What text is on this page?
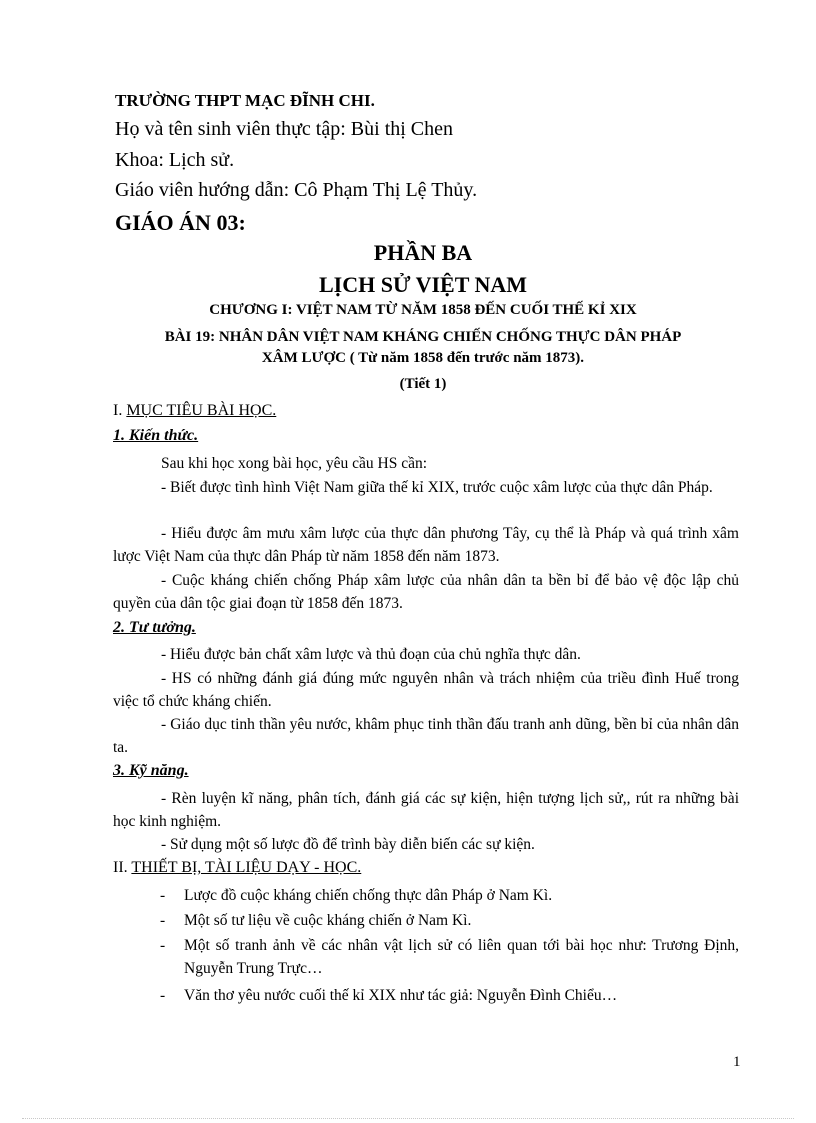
TRƯỜNG THPT MẠC ĐĨNH CHI.
Họ và tên sinh viên thực tập: Bùi thị Chen
Khoa: Lịch sử.
Giáo viên hướng dẫn: Cô Phạm Thị Lệ Thủy.
GIÁO ÁN 03:
PHẦN BA
LỊCH SỬ VIỆT NAM
CHƯƠNG I: VIỆT NAM TỪ NĂM 1858 ĐẾN CUỐI THẾ KỈ XIX
BÀI 19: NHÂN DÂN VIỆT NAM KHÁNG CHIẾN CHỐNG THỰC DÂN PHÁP
XÂM LƯỢC ( Từ năm 1858 đến trước năm 1873).
(Tiết 1)
I. MỤC TIÊU BÀI HỌC.
1. Kiến thức.
Sau khi học xong bài học, yêu cầu HS cần:
- Biết được tình hình Việt Nam giữa thế kỉ XIX, trước cuộc xâm lược của thực dân Pháp.
- Hiểu được âm mưu xâm lược của thực dân phương Tây, cụ thể là Pháp và quá trình xâm lược Việt Nam của thực dân Pháp từ năm 1858 đến năm 1873.
- Cuộc kháng chiến chống Pháp xâm lược của nhân dân ta bền bỉ để bảo vệ độc lập chủ quyền của dân tộc giai đoạn từ 1858 đến 1873.
2. Tư tưởng.
- Hiểu được bản chất xâm lược và thủ đoạn của chủ nghĩa thực dân.
- HS có những đánh giá đúng mức nguyên nhân và trách nhiệm của triều đình Huế trong việc tổ chức kháng chiến.
- Giáo dục tinh thần yêu nước, khâm phục tinh thần đấu tranh anh dũng, bền bỉ của nhân dân ta.
3. Kỹ năng.
- Rèn luyện kĩ năng, phân tích, đánh giá các sự kiện, hiện tượng lịch sử,, rút ra những bài học kinh nghiệm.
- Sử dụng một số lược đồ để trình bày diễn biến các sự kiện.
II. THIẾT BỊ, TÀI LIỆU DẠY - HỌC.
- Lược đồ cuộc kháng chiến chống thực dân Pháp ở Nam Kì.
- Một số tư liệu về cuộc kháng chiến ở Nam Kì.
- Một số tranh ảnh về các nhân vật lịch sử có liên quan tới bài học như: Trương Định, Nguyễn Trung Trực…
- Văn thơ yêu nước cuối thế kỉ XIX như tác giả: Nguyễn Đình Chiểu…
1
